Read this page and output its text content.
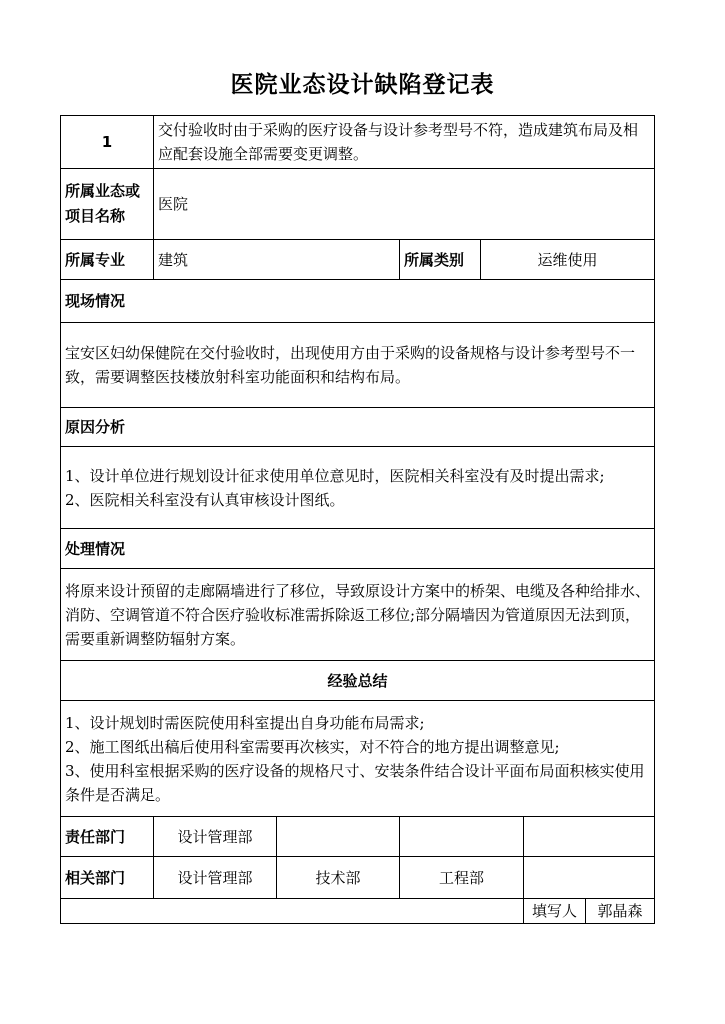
医院业态设计缺陷登记表
1	交付验收时由于采购的医疗设备与设计参考型号不符，造成建筑布局及相应配套设施全部需要变更调整。					
所属业态或项目名称	医院					
所属专业	建筑		所属类别	运维使用		
现场情况						
宝安区妇幼保健院在交付验收时，出现使用方由于采购的设备规格与设计参考型号不一致，需要调整医技楼放射科室功能面积和结构布局。						
原因分析						

1、设计单位进行规划设计征求使用单位意见时，医院相关科室没有及时提出需求;
2、医院相关科室没有认真审核设计图纸。						

处理情况						
将原来设计预留的走廊隔墙进行了移位，导致原设计方案中的桥架、电缆及各种给排水、消防、空调管道不符合医疗验收标准需拆除返工移位;部分隔墙因为管道原因无法到顶，需要重新调整防辐射方案。						
经验总结						

1、设计规划时需医院使用科室提出自身功能布局需求;
2、施工图纸出稿后使用科室需要再次核实，对不符合的地方提出调整意见;
3、使用科室根据采购的医疗设备的规格尺寸、安装条件结合设计平面布局面积核实使用条件是否满足。						

责任部门	设计管理部					
相关部门	设计管理部	技术部	工程部			
					填写人	郭晶森
